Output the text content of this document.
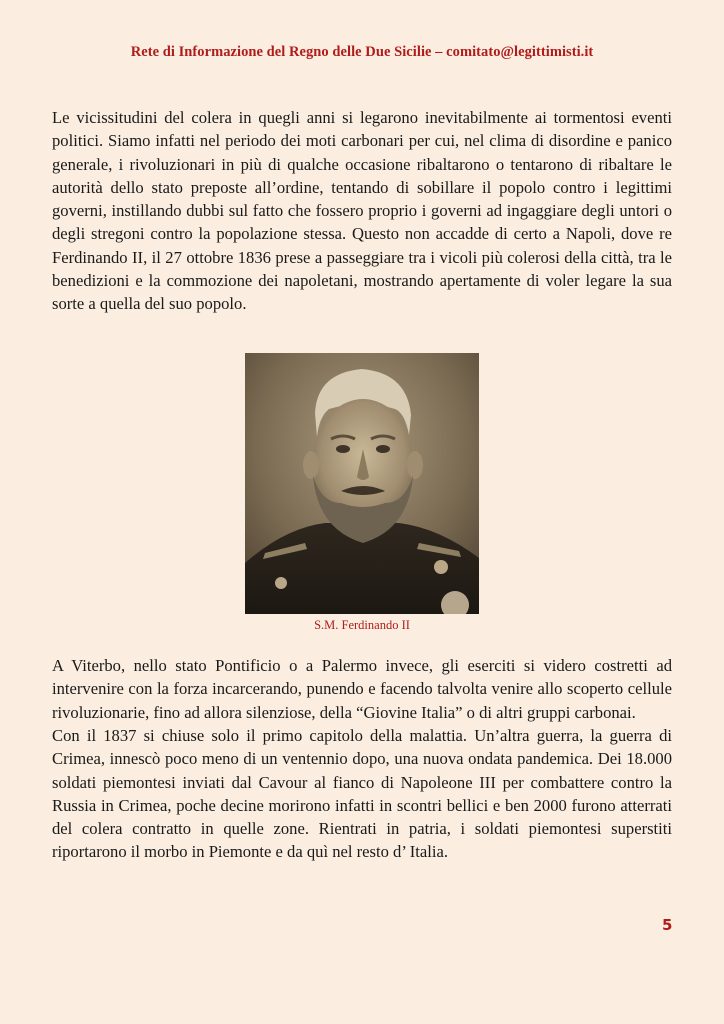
Rete di Informazione del Regno delle Due Sicilie – comitato@legittimisti.it

Le vicissitudini del colera in quegli anni si legarono inevitabilmente ai tormentosi eventi politici. Siamo infatti nel periodo dei moti carbonari per cui, nel clima di disordine e panico generale, i rivoluzionari in più di qualche occasione ribaltarono o tentarono di ribaltare le autorità dello stato preposte all’ordine, tentando di sobillare il popolo contro i legittimi governi, instillando dubbi sul fatto che fossero proprio i governi ad ingaggiare degli untori o degli stregoni contro la popolazione stessa. Questo non accadde di certo a Napoli, dove re Ferdinando II, il 27 ottobre 1836 prese a passeggiare tra i vicoli più colerosi della città, tra le benedizioni e la commozione dei napoletani, mostrando apertamente di voler legare la sua sorte a quella del suo popolo.

S.M. Ferdinando II

A Viterbo, nello stato Pontificio o a Palermo invece, gli eserciti si videro costretti ad intervenire con la forza incarcerando, punendo e facendo talvolta venire allo scoperto cellule rivoluzionarie, fino ad allora silenziose, della “Giovine Italia” o di altri gruppi carbonai.

Con il 1837 si chiuse solo il primo capitolo della malattia. Un’altra guerra, la guerra di Crimea, innescò poco meno di un ventennio dopo, una nuova ondata pandemica. Dei 18.000 soldati piemontesi inviati dal Cavour al fianco di Napoleone III per combattere contro la Russia in Crimea, poche decine morirono infatti in scontri bellici e ben 2000 furono atterrati del colera contratto in quelle zone. Rientrati in patria, i soldati piemontesi superstiti riportarono il morbo in Piemonte e da quì nel resto d’ Italia.

5
